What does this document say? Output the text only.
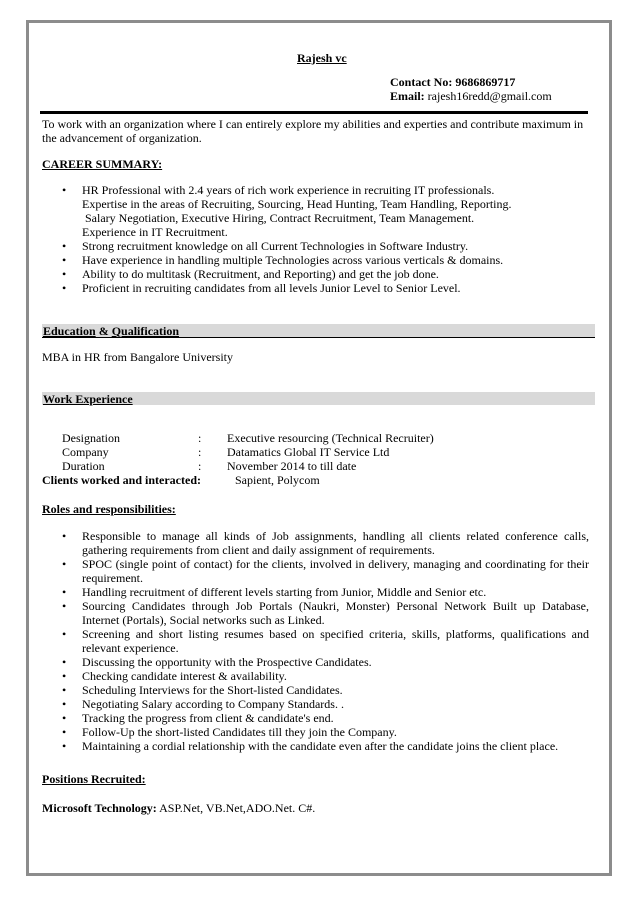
Rajesh vc
Contact No: 9686869717
Email: rajesh16redd@gmail.com
To work with an organization where I can entirely explore my abilities and experties and contribute maximum in
the advancement of organization.
CAREER SUMMARY:
• HR Professional with 2.4 years of rich work experience in recruiting IT professionals.
Expertise in the areas of Recruiting, Sourcing, Head Hunting, Team Handling, Reporting.
Salary Negotiation, Executive Hiring, Contract Recruitment, Team Management.
Experience in IT Recruitment.
• Strong recruitment knowledge on all Current Technologies in Software Industry.
• Have experience in handling multiple Technologies across various verticals & domains.
• Ability to do multitask (Recruitment, and Reporting) and get the job done.
• Proficient in recruiting candidates from all levels Junior Level to Senior Level.
Education & Qualification
MBA in HR from Bangalore University
Work Experience
Designation	: Executive resourcing (Technical Recruiter)
Company	: Datamatics Global IT Service Ltd
Duration	: November 2014 to till date
Clients worked and interacted:	Sapient, Polycom
Roles and responsibilities:
• Responsible to manage all kinds of Job assignments, handling all clients related conference calls, gathering requirements from client and daily assignment of requirements.
• SPOC (single point of contact) for the clients, involved in delivery, managing and coordinating for their requirement.
• Handling recruitment of different levels starting from Junior, Middle and Senior etc.
• Sourcing Candidates through Job Portals (Naukri, Monster) Personal Network Built up Database, Internet (Portals), Social networks such as Linked.
• Screening and short listing resumes based on specified criteria, skills, platforms, qualifications and relevant experience.
• Discussing the opportunity with the Prospective Candidates.
• Checking candidate interest & availability.
• Scheduling Interviews for the Short-listed Candidates.
• Negotiating Salary according to Company Standards. .
• Tracking the progress from client & candidate's end.
• Follow-Up the short-listed Candidates till they join the Company.
• Maintaining a cordial relationship with the candidate even after the candidate joins the client place.
Positions Recruited:
Microsoft Technology: ASP.Net, VB.Net,ADO.Net. C#.
